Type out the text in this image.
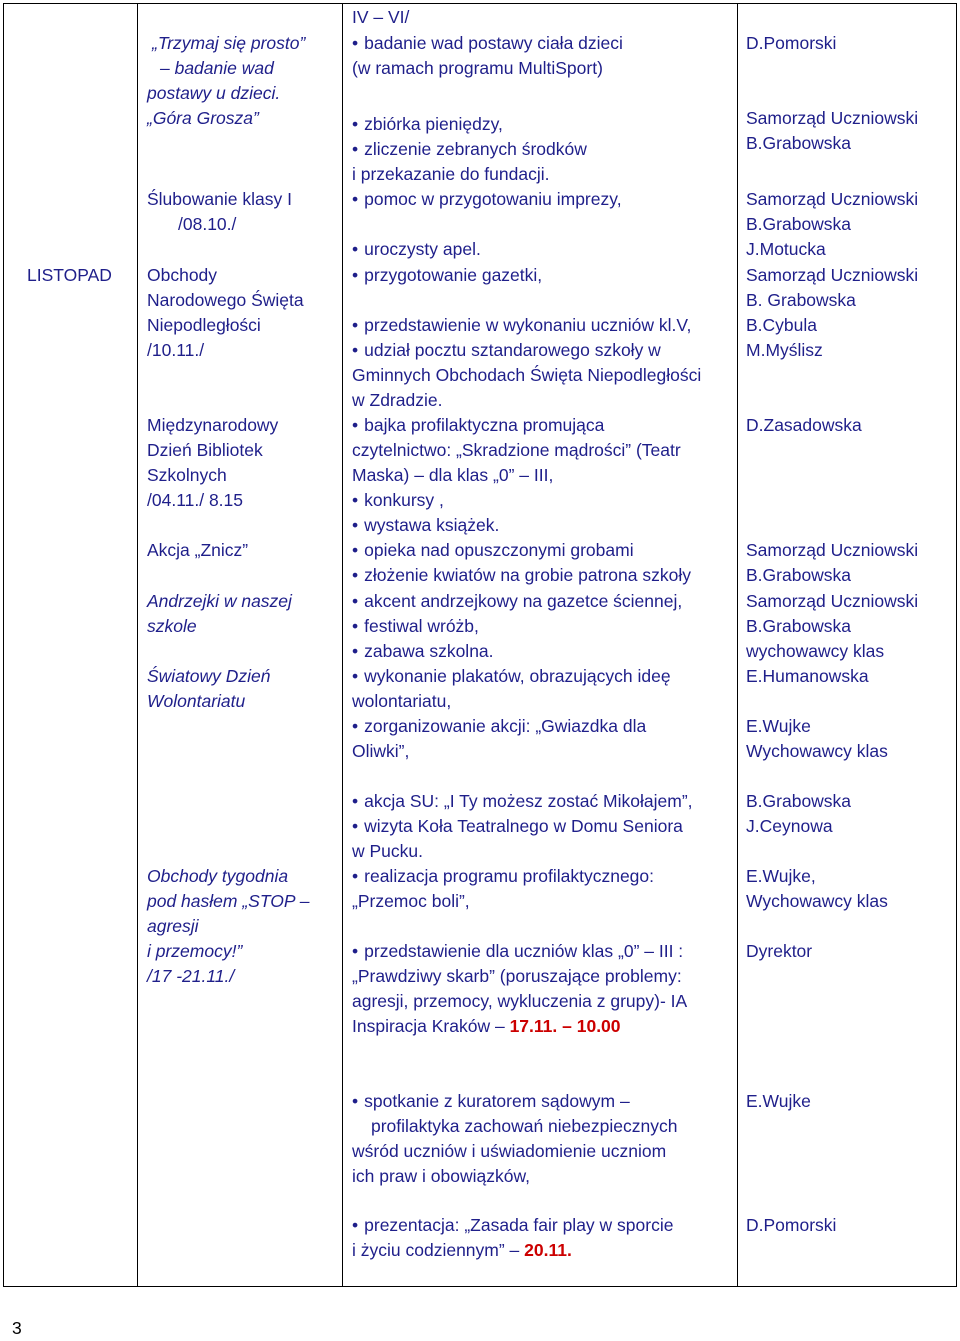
LISTOPAD
„Trzymaj się prosto”
– badanie wad
postawy u dzieci.
„Góra Grosza”
Ślubowanie klasy I
/08.10./
Obchody
Narodowego Święta
Niepodległości
/10.11./
Międzynarodowy
Dzień Bibliotek
Szkolnych
/04.11./ 8.15
Akcja „Znicz”
Andrzejki w naszej
szkole
Światowy Dzień
Wolontariatu
Obchody tygodnia
pod hasłem „STOP –
agresji
i przemocy!”
/17 -21.11./
IV – VI/
• badanie wad postawy ciała dzieci
(w ramach programu MultiSport)
• zbiórka pieniędzy,
• zliczenie zebranych środków
i przekazanie do fundacji.
• pomoc w przygotowaniu imprezy,
• uroczysty apel.
• przygotowanie gazetki,
• przedstawienie w wykonaniu uczniów kl.V,
• udział pocztu sztandarowego szkoły w
Gminnych Obchodach Święta Niepodległości
w Zdradzie.
• bajka profilaktyczna promująca
czytelnictwo: „Skradzione mądrości” (Teatr
Maska) – dla klas „0” – III,
• konkursy ,
• wystawa książek.
• opieka nad opuszczonymi grobami
• złożenie kwiatów na grobie patrona szkoły
• akcent andrzejkowy na gazetce ściennej,
• festiwal wróżb,
• zabawa szkolna.
• wykonanie plakatów, obrazujących ideę
wolontariatu,
• zorganizowanie akcji: „Gwiazdka dla
Oliwki”,
• akcja SU: „I Ty możesz zostać Mikołajem”,
• wizyta Koła Teatralnego w Domu Seniora
w Pucku.
• realizacja programu profilaktycznego:
„Przemoc boli”,
• przedstawienie dla uczniów klas „0” – III :
„Prawdziwy skarb” (poruszające problemy:
agresji, przemocy, wykluczenia z grupy)- IA
Inspiracja Kraków – 17.11. – 10.00
• spotkanie z kuratorem sądowym –
profilaktyka zachowań niebezpiecznych
wśród uczniów i uświadomienie uczniom
ich praw i obowiązków,
• prezentacja: „Zasada fair play w sporcie
i życiu codziennym” – 20.11.
D.Pomorski
Samorząd Uczniowski
B.Grabowska
Samorząd Uczniowski
B.Grabowska
J.Motucka
Samorząd Uczniowski
B. Grabowska
B.Cybula
M.Myślisz
D.Zasadowska
Samorząd Uczniowski
B.Grabowska
Samorząd Uczniowski
B.Grabowska
wychowawcy klas
E.Humanowska
E.Wujke
Wychowawcy klas
B.Grabowska
J.Ceynowa
E.Wujke,
Wychowawcy klas
Dyrektor
E.Wujke
D.Pomorski
3
